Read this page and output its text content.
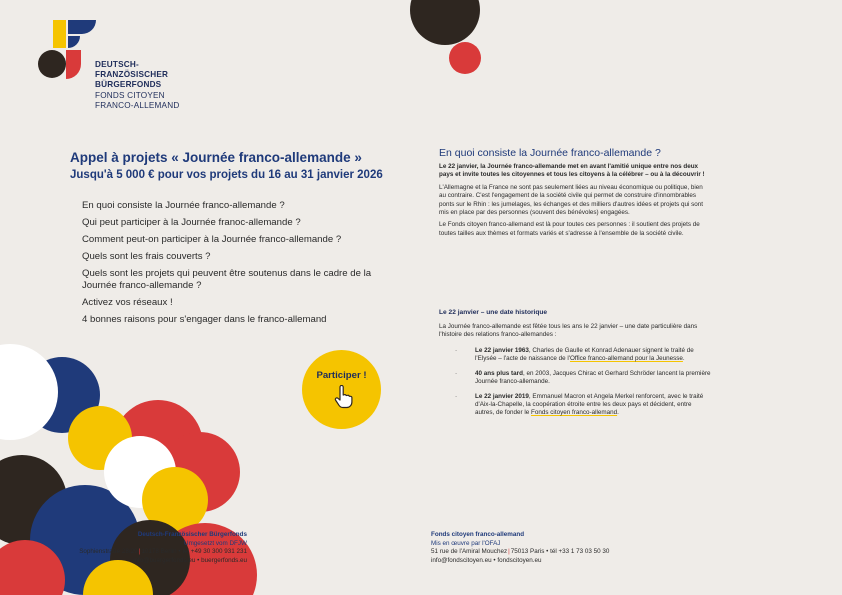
DEUTSCH-
FRANZÖSISCHER
BÜRGERFONDS
FONDS CITOYEN
FRANCO-ALLEMAND
Appel à projets « Journée franco-allemande »
Jusqu'à 5 000 € pour vos projets du 16 au 31 janvier 2026
En quoi consiste la Journée franco-allemande ?
Qui peut participer à la Journée franoc-allemande ?
Comment peut-on participer à la Journée franco-allemande ?
Quels sont les frais couverts ?
Quels sont les projets qui peuvent être soutenus dans le cadre de la Journée franco-allemande ?
Activez vos réseaux !
4 bonnes raisons pour s'engager dans le franco-allemand
Participer !
En quoi consiste la Journée franco-allemande ?

Le 22 janvier, la Journée franco-allemande met en avant l'amitié unique entre nos deux pays et invite toutes les citoyennes et tous les citoyens à la célébrer – ou à la découvrir !

L'Allemagne et la France ne sont pas seulement liées au niveau économique ou politique, bien au contraire. C'est l'engagement de la société civile qui permet de construire d'innombrables ponts sur le Rhin : les jumelages, les échanges et des milliers d'autres idées et projets qui sont mis en place par des personnes (souvent des bénévoles) engagées.

Le Fonds citoyen franco-allemand est là pour toutes ces personnes : il soutient des projets de toutes tailles aux thèmes et formats variés et s'adresse à l'ensemble de la société civile.

Le 22 janvier – une date historique
La Journée franco-allemande est fêtée tous les ans le 22 janvier – une date particulière dans l'histoire des relations franco-allemandes :
·	Le 22 janvier 1963, Charles de Gaulle et Konrad Adenauer signent le traité de l'Elysée – l'acte de naissance de l'Office franco-allemand pour la Jeunesse.
·	40 ans plus tard, en 2003, Jacques Chirac et Gerhard Schröder lancent la première Journée franco-allemande.
·	Le 22 janvier 2019, Emmanuel Macron et Angela Merkel renforcent, avec le traité d'Aix-la-Chapelle, la coopération étroite entre les deux pays et décident, entre autres, de fonder le Fonds citoyen franco-allemand.
Deutsch-Französischer Bürgerfonds
Umgesetzt vom DFJW
Sophienstraße 28/29|10178 Berlin • tel +49 30 300 931 231
info@buergerfonds.eu • buergerfonds.eu
Fonds citoyen franco-allemand
Mis en œuvre par l'OFAJ
51 rue de l'Amiral Mouchez|75013 Paris • tél +33 1 73 03 50 30
info@fondscitoyen.eu • fondscitoyen.eu
